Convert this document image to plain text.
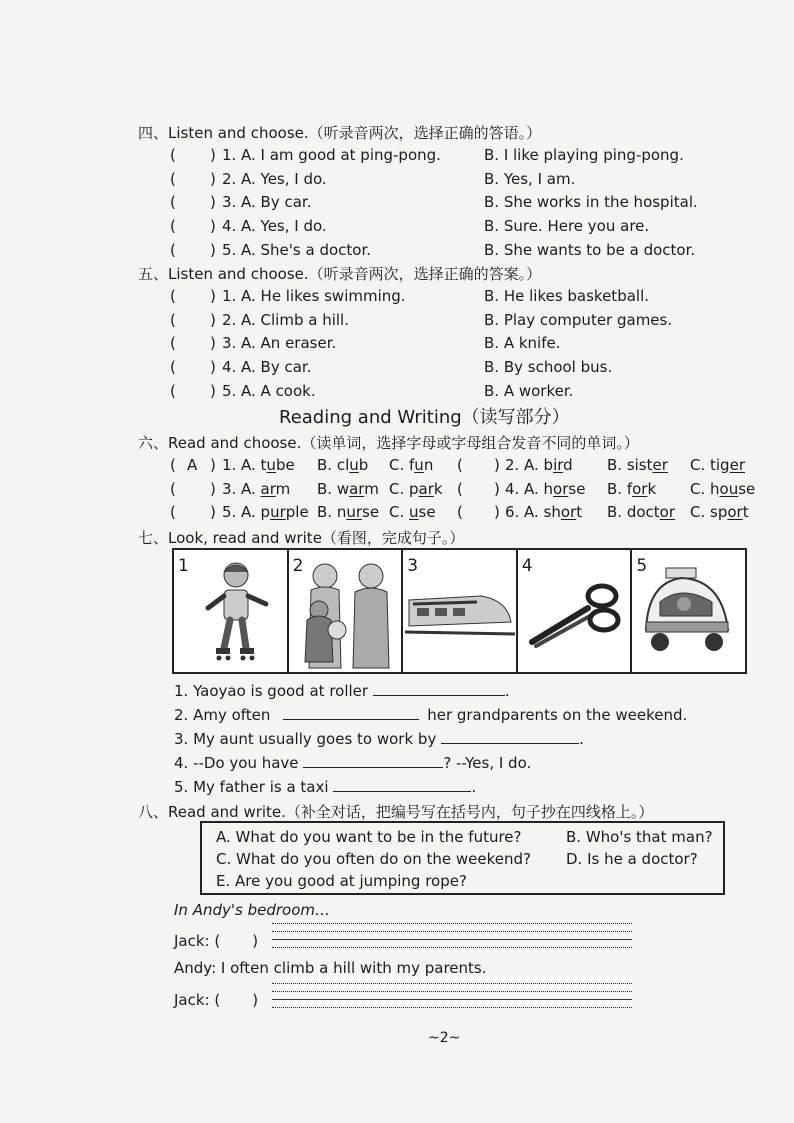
四、Listen and choose.（听录音两次，选择正确的答语。）
( ) 1. A. I am good at ping-pong.	B. I like playing ping-pong.
( ) 2. A. Yes, I do.	B. Yes, I am.
( ) 3. A. By car.	B. She works in the hospital.
( ) 4. A. Yes, I do.	B. Sure. Here you are.
( ) 5. A. She's a doctor.	B. She wants to be a doctor.
五、Listen and choose.（听录音两次，选择正确的答案。）
( ) 1. A. He likes swimming.	B. He likes basketball.
( ) 2. A. Climb a hill.	B. Play computer games.
( ) 3. A. An eraser.	B. A knife.
( ) 4. A. By car.	B. By school bus.
( ) 5. A. A cook.	B. A worker.
Reading and Writing（读写部分）
六、Read and choose.（读单词，选择字母或字母组合发音不同的单词。）
( A ) 1. A. tube B. club C. fun ( ) 2. A. bird B. sister C. tiger
( ) 3. A. arm B. warm C. park ( ) 4. A. horse B. fork C. house
( ) 5. A. purple B. nurse C. use ( ) 6. A. short B. doctor C. sport
七、Look, read and write（看图，完成句子。）
1	2	3	4	5
1. Yaoyao is good at roller	.
2. Amy often	her grandparents on the weekend.
3. My aunt usually goes to work by	.
4. --Do you have	? --Yes, I do.
5. My father is a taxi	.
八、Read and write.（补全对话，把编号写在括号内，句子抄在四线格上。）
A. What do you want to be in the future?	B. Who's that man?
C. What do you often do on the weekend? D. Is he a doctor?
E. Are you good at jumping rope?
In Andy's bedroom…
Jack: ( )
Andy: I often climb a hill with my parents.
Jack: ( )
~2~
